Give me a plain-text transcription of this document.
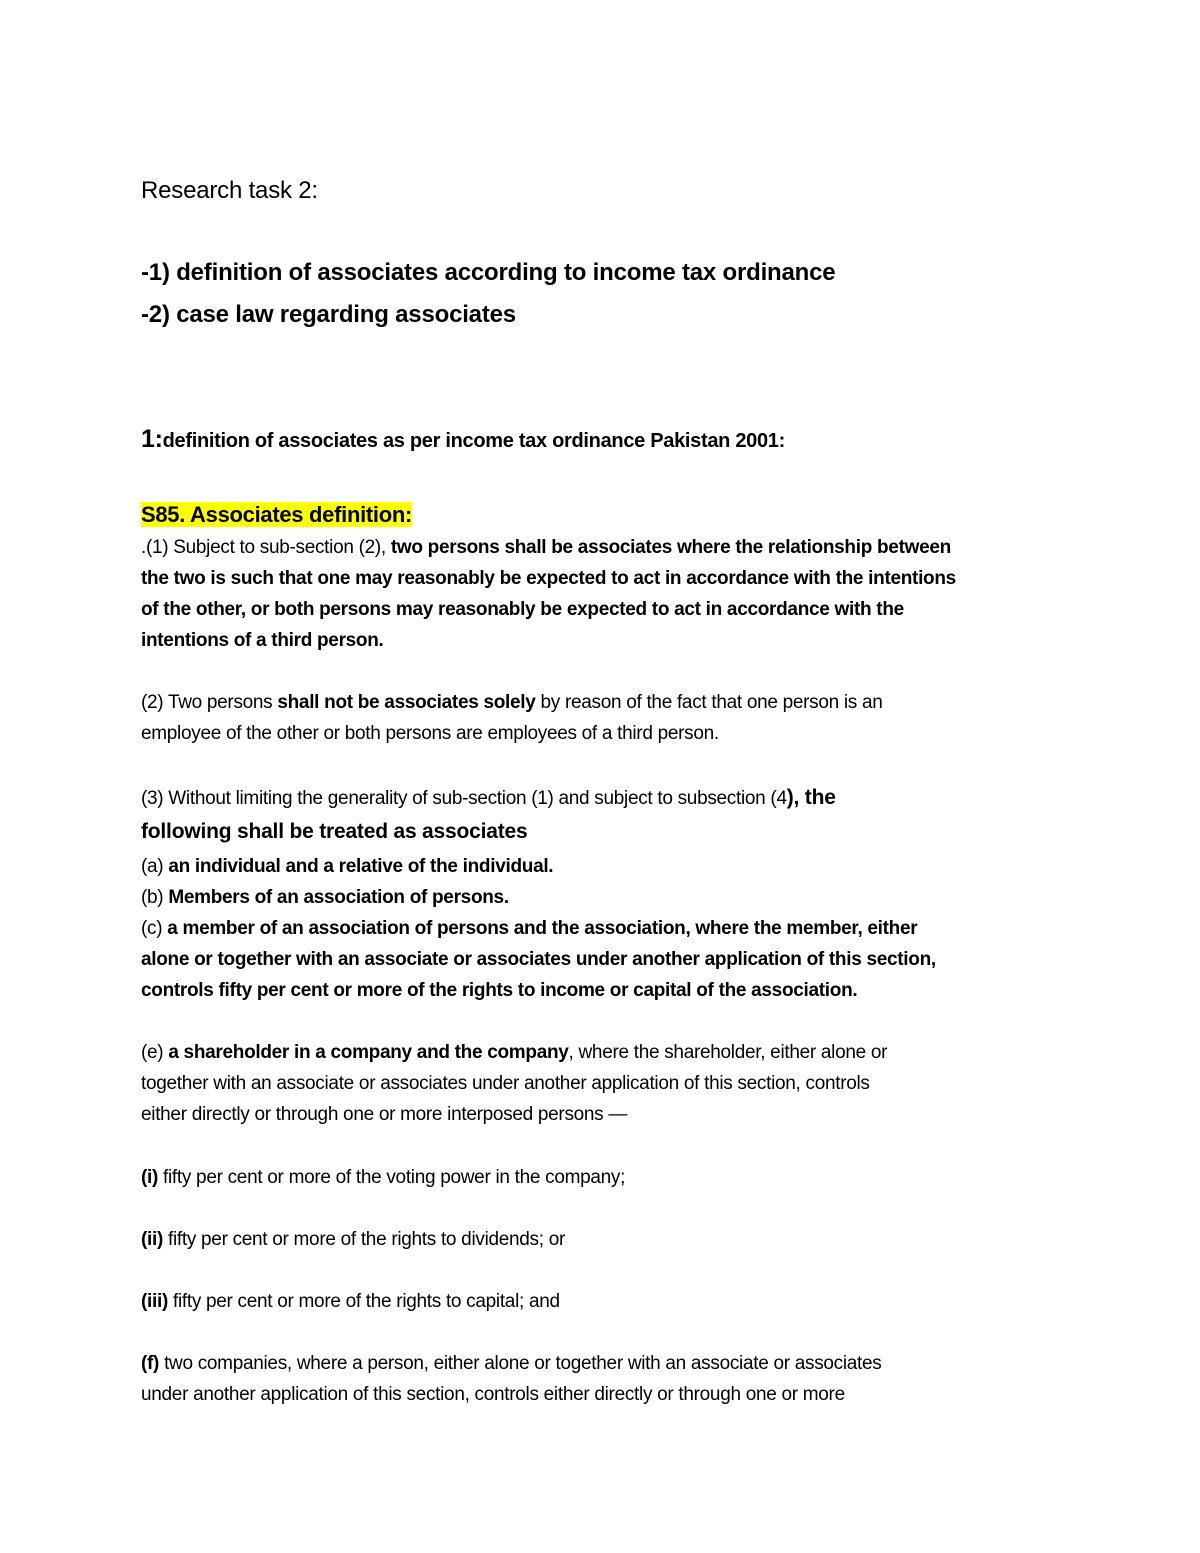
Research task 2:
-1) definition of associates according to income tax ordinance
-2) case law regarding associates
1:definition of associates as per income tax ordinance Pakistan 2001:
S85. Associates definition:
.(1) Subject to sub-section (2), two persons shall be associates where the relationship between
the two is such that one may reasonably be expected to act in accordance with the intentions
of the other, or both persons may reasonably be expected to act in accordance with the
intentions of a third person.
(2) Two persons shall not be associates solely by reason of the fact that one person is an
employee of the other or both persons are employees of a third person.
(3) Without limiting the generality of sub-section (1) and subject to subsection (4), the
following shall be treated as associates
(a) an individual and a relative of the individual.
(b) Members of an association of persons.
(c) a member of an association of persons and the association, where the member, either
alone or together with an associate or associates under another application of this section,
controls fifty per cent or more of the rights to income or capital of the association.
(e) a shareholder in a company and the company, where the shareholder, either alone or
together with an associate or associates under another application of this section, controls
either directly or through one or more interposed persons —
(i) fifty per cent or more of the voting power in the company;
(ii) fifty per cent or more of the rights to dividends; or
(iii) fifty per cent or more of the rights to capital; and
(f) two companies, where a person, either alone or together with an associate or associates
under another application of this section, controls either directly or through one or more
